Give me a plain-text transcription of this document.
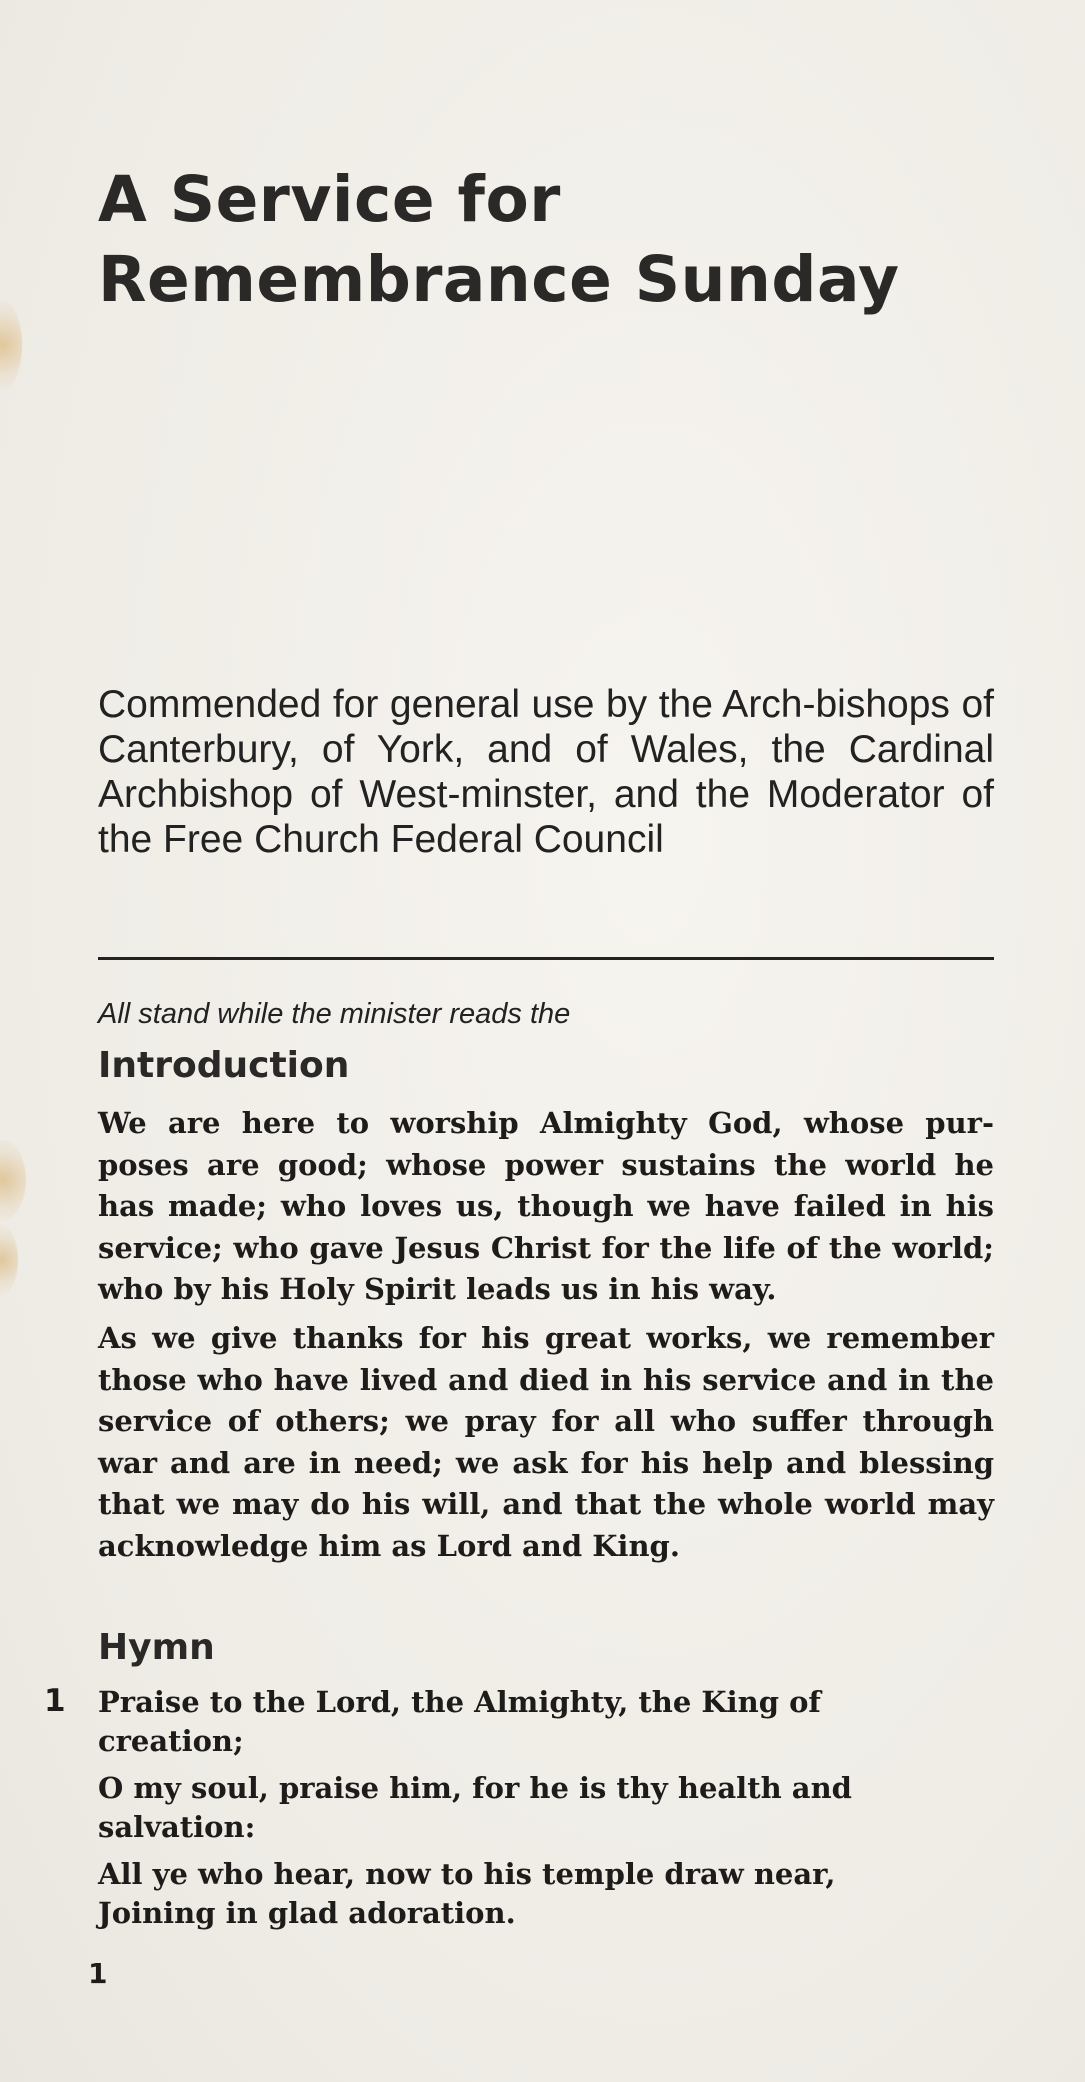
A Service for
Remembrance Sunday
Commended for general use by the Arch-bishops of Canterbury, of York, and of Wales, the Cardinal Archbishop of West-minster, and the Moderator of the Free Church Federal Council
All stand while the minister reads the
Introduction
We are here to worship Almighty God, whose pur-poses are good; whose power sustains the world he has made; who loves us, though we have failed in his service; who gave Jesus Christ for the life of the world; who by his Holy Spirit leads us in his way.
As we give thanks for his great works, we remember those who have lived and died in his service and in the service of others; we pray for all who suffer through war and are in need; we ask for his help and blessing that we may do his will, and that the whole world may acknowledge him as Lord and King.
Hymn
1 Praise to the Lord, the Almighty, the King of
creation;
O my soul, praise him, for he is thy health and
salvation:
All ye who hear, now to his temple draw near,
Joining in glad adoration.
1
